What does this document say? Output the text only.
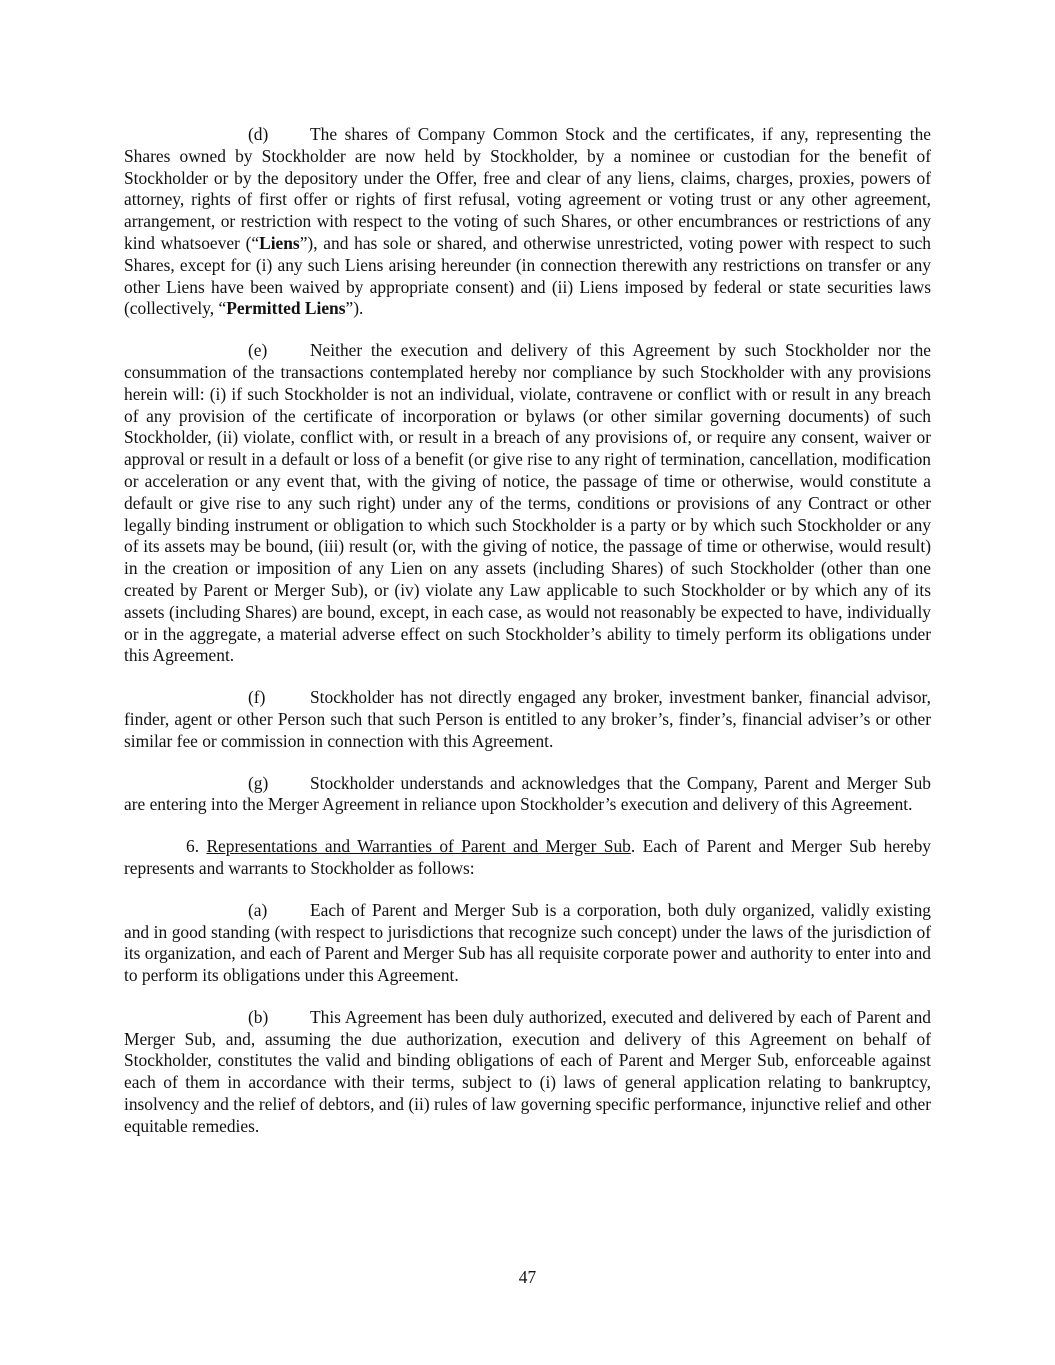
(d) The shares of Company Common Stock and the certificates, if any, representing the Shares owned by Stockholder are now held by Stockholder, by a nominee or custodian for the benefit of Stockholder or by the depository under the Offer, free and clear of any liens, claims, charges, proxies, powers of attorney, rights of first offer or rights of first refusal, voting agreement or voting trust or any other agreement, arrangement, or restriction with respect to the voting of such Shares, or other encumbrances or restrictions of any kind whatsoever (“Liens”), and has sole or shared, and otherwise unrestricted, voting power with respect to such Shares, except for (i) any such Liens arising hereunder (in connection therewith any restrictions on transfer or any other Liens have been waived by appropriate consent) and (ii) Liens imposed by federal or state securities laws (collectively, “Permitted Liens”).

(e) Neither the execution and delivery of this Agreement by such Stockholder nor the consummation of the transactions contemplated hereby nor compliance by such Stockholder with any provisions herein will: (i) if such Stockholder is not an individual, violate, contravene or conflict with or result in any breach of any provision of the certificate of incorporation or bylaws (or other similar governing documents) of such Stockholder, (ii) violate, conflict with, or result in a breach of any provisions of, or require any consent, waiver or approval or result in a default or loss of a benefit (or give rise to any right of termination, cancellation, modification or acceleration or any event that, with the giving of notice, the passage of time or otherwise, would constitute a default or give rise to any such right) under any of the terms, conditions or provisions of any Contract or other legally binding instrument or obligation to which such Stockholder is a party or by which such Stockholder or any of its assets may be bound, (iii) result (or, with the giving of notice, the passage of time or otherwise, would result) in the creation or imposition of any Lien on any assets (including Shares) of such Stockholder (other than one created by Parent or Merger Sub), or (iv) violate any Law applicable to such Stockholder or by which any of its assets (including Shares) are bound, except, in each case, as would not reasonably be expected to have, individually or in the aggregate, a material adverse effect on such Stockholder’s ability to timely perform its obligations under this Agreement.

(f)	Stockholder has not directly engaged any broker, investment banker, financial advisor, finder, agent or other Person such that such Person is entitled to any broker’s, finder’s, financial adviser’s or other similar fee or commission in connection with this Agreement.

(g) Stockholder understands and acknowledges that the Company, Parent and Merger Sub are entering into the Merger Agreement in reliance upon Stockholder’s execution and delivery of this Agreement.

6. Representations and Warranties of Parent and Merger Sub. Each of Parent and Merger Sub hereby represents and warrants to Stockholder as follows:

(a) Each of Parent and Merger Sub is a corporation, both duly organized, validly existing and in good standing (with respect to jurisdictions that recognize such concept) under the laws of the jurisdiction of its organization, and each of Parent and Merger Sub has all requisite corporate power and authority to enter into and to perform its obligations under this Agreement.

(b) This Agreement has been duly authorized, executed and delivered by each of Parent and Merger Sub, and, assuming the due authorization, execution and delivery of this Agreement on behalf of Stockholder, constitutes the valid and binding obligations of each of Parent and Merger Sub, enforceable against each of them in accordance with their terms, subject to (i) laws of general application relating to bankruptcy, insolvency and the relief of debtors, and (ii) rules of law governing specific performance, injunctive relief and other equitable remedies.

47
